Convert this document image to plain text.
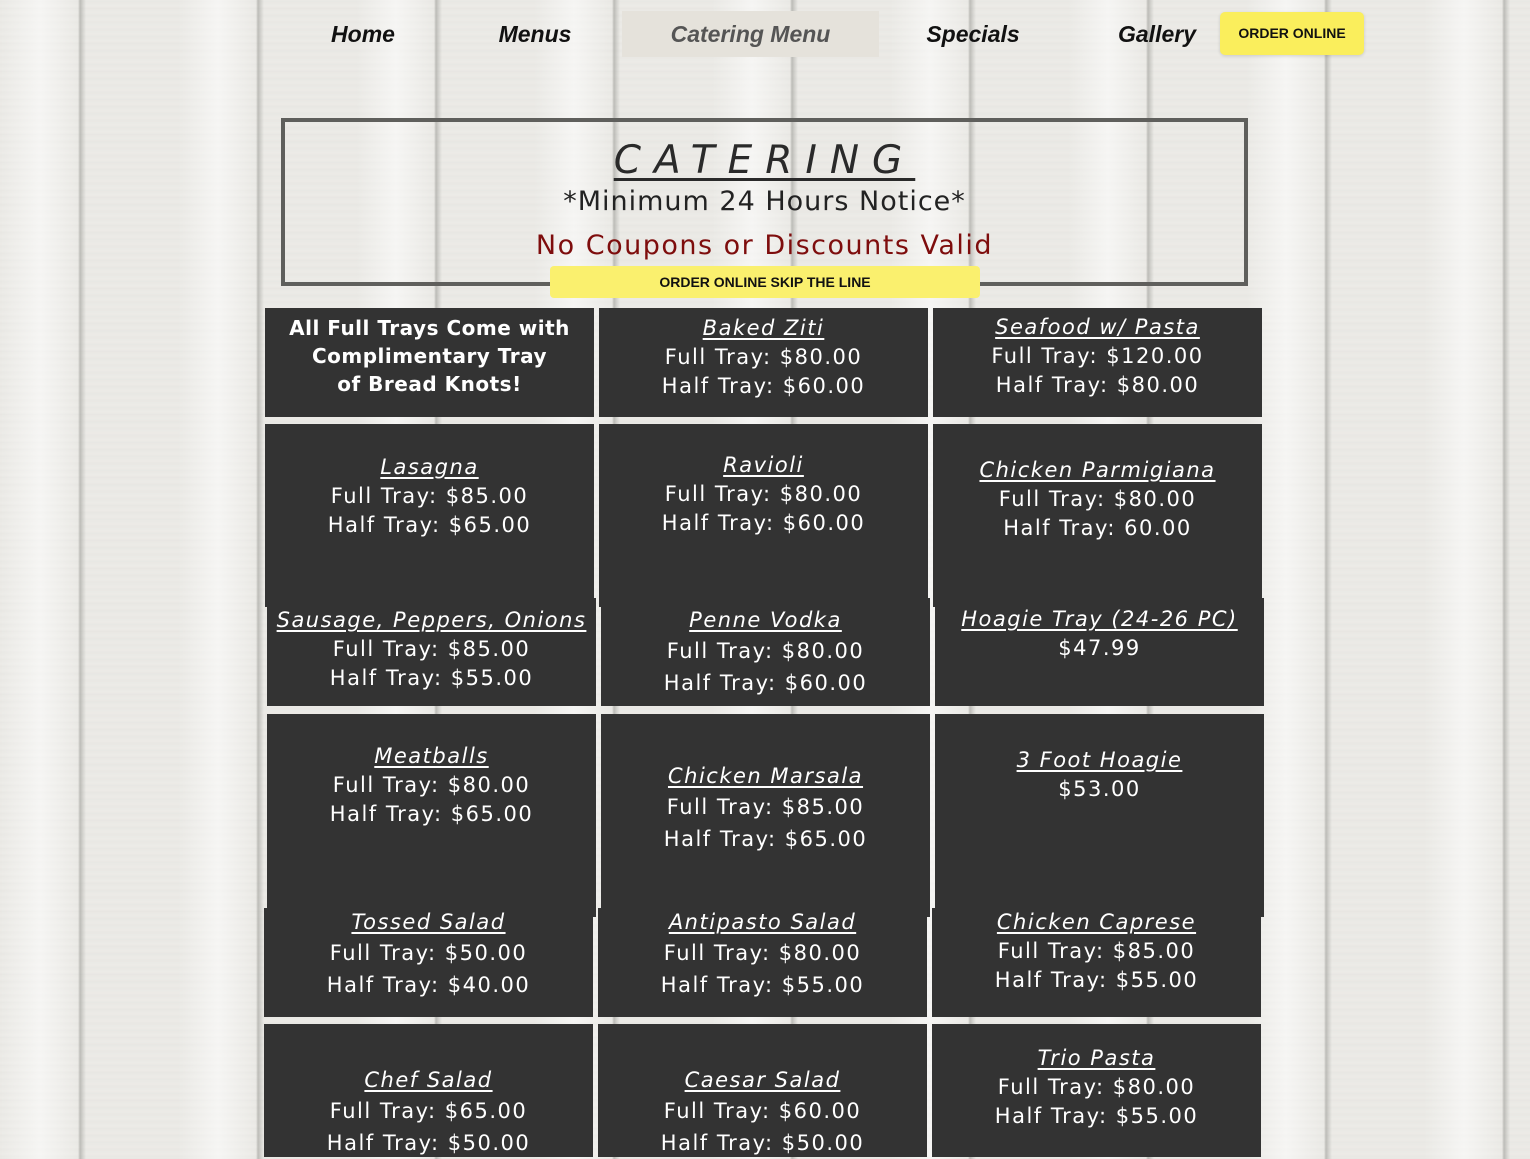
Home	Menus	Catering Menu	Specials	Gallery	ORDER ONLINE
CATERING
*Minimum 24 Hours Notice*
No Coupons or Discounts Valid
ORDER ONLINE SKIP THE LINE
All Full Trays Come with
Complimentary Tray
of Bread Knots!
Baked Ziti
Full Tray: $80.00
Half Tray: $60.00
Seafood w/ Pasta
Full Tray: $120.00
Half Tray: $80.00
Lasagna
Full Tray: $85.00
Half Tray: $65.00
Ravioli
Full Tray: $80.00
Half Tray: $60.00
Chicken Parmigiana
Full Tray: $80.00
Half Tray: 60.00
Sausage, Peppers, Onions
Full Tray: $85.00
Half Tray: $55.00
Penne Vodka
Full Tray: $80.00
Half Tray: $60.00
Hoagie Tray (24-26 PC)
$47.99
Meatballs
Full Tray: $80.00
Half Tray: $65.00
Chicken Marsala
Full Tray: $85.00
Half Tray: $65.00
3 Foot Hoagie
$53.00
Tossed Salad
Full Tray: $50.00
Half Tray: $40.00
Antipasto Salad
Full Tray: $80.00
Half Tray: $55.00
Chicken Caprese
Full Tray: $85.00
Half Tray: $55.00
Chef Salad
Full Tray: $65.00
Half Tray: $50.00
Caesar Salad
Full Tray: $60.00
Half Tray: $50.00
Trio Pasta
Full Tray: $80.00
Half Tray: $55.00
